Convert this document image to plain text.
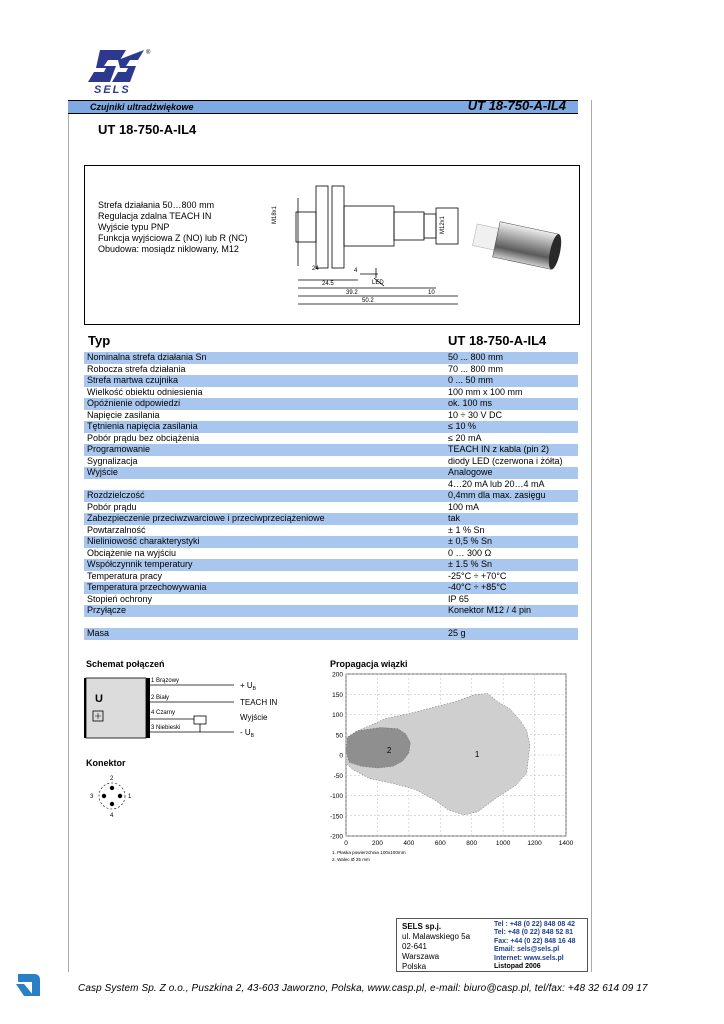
®
SELS
Czujniki ultradźwiękowe	UT 18-750-A-IL4
UT 18-750-A-IL4
Strefa działania 50…800 mm
Regulacja zdalna TEACH IN
Wyjście typu PNP
Funkcja wyjściowa Z (NO) lub R (NC)
Obudowa: mosiądz niklowany, M12
M18x1
M12x1
24	4
LED
24.5
39.2	10
50.2
Typ	UT 18-750-A-IL4
Nominalna strefa działania Sn	50 ... 800 mm
Robocza strefa działania	70 ... 800 mm
Strefa martwa czujnika	0 ... 50 mm
Wielkość obiektu odniesienia	100 mm x 100 mm
Opóźnienie odpowiedzi	ok. 100 ms
Napięcie zasilania	10 ÷ 30 V DC
Tętnienia napięcia zasilania	≤ 10 %
Pobór prądu bez obciążenia	≤ 20 mA
Programowanie	TEACH IN z kabla (pin 2)
Sygnalizacja	diody LED (czerwona i żółta)
Wyjście	Analogowe
4…20 mA lub 20…4 mA
Rozdzielczość	0,4mm dla max. zasięgu
Pobór prądu	100 mA
Zabezpieczenie przeciwzwarciowe i przeciwprzeciążeniowe	tak
Powtarzalność	± 1 % Sn
Nieliniowość charakterystyki	± 0,5 % Sn
Obciążenie na wyjściu	0 … 300 Ω
Współczynnik temperatury	± 1.5 % Sn
Temperatura pracy	-25°C ÷ +70°C
Temperatura przechowywania	-40°C ÷ +85°C
Stopień ochrony	IP 65
Przyłącze	Konektor M12 / 4 pin
Masa	25 g
Schemat połączeń
U
1 Brązowy
2 Biały
4 Czarny
3 Niebieski
+ $U_B$
TEACH IN
Wyjście
- $U_B$
Konektor
2
3	1
4
Propagacja wiązki
200
150
100
50
0
-50
-100
-150
-200
0	200	400	600	800	1000	1200	1400
1
2
1. Płaska powierzchnia 100x100mm
2. Walec Ø 25 mm
SELS sp.j.
ul. Malawskiego 5a
02-641
Warszawa
Polska
Tel : +48 (0 22) 848 08 42
Tel: +48 (0 22) 848 52 81
Fax: +44 (0 22) 848 16 48
Email: sels@sels.pl
Internet: www.sels.pl
Listopad 2006
Casp System Sp. Z o.o., Puszkina 2, 43-603 Jaworzno, Polska, www.casp.pl, e-mail: biuro@casp.pl, tel/fax: +48 32 614 09 17
